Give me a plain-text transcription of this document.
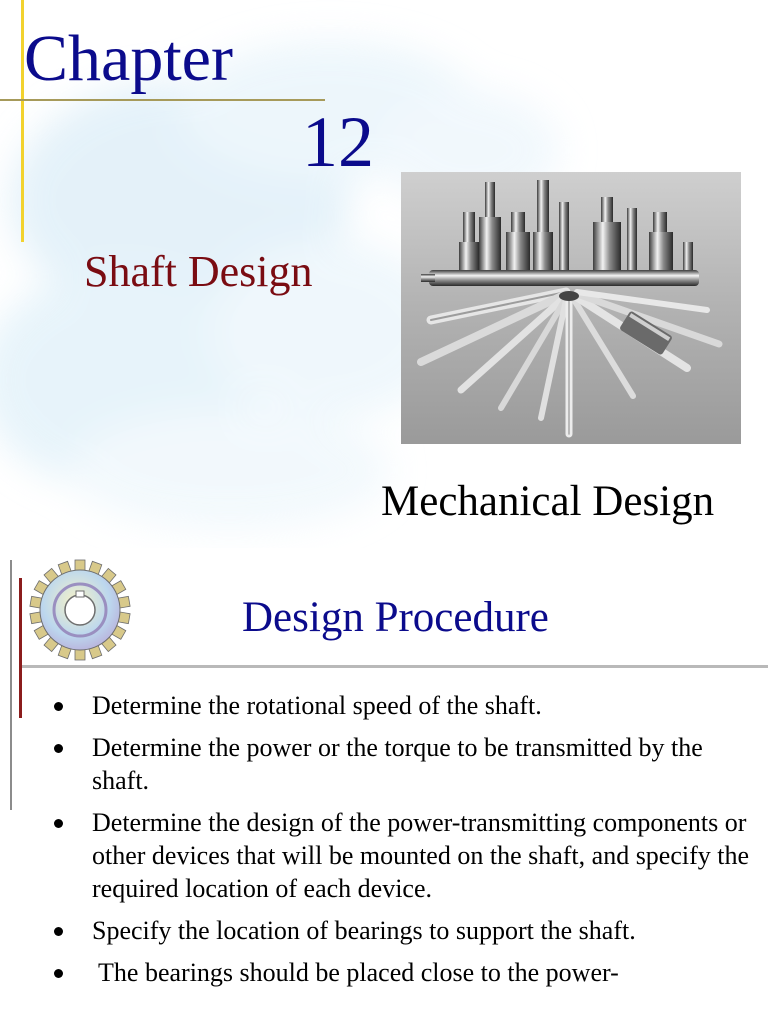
Chapter
12
Shaft Design
Mechanical Design
Design Procedure
Determine the rotational speed of the shaft.
Determine the power or the torque to be transmitted by the shaft.
Determine the design of the power-transmitting components or other devices that will be mounted on the shaft, and specify the required location of each device.
Specify the location of bearings to support the shaft.
The bearings should be placed close to the power-
